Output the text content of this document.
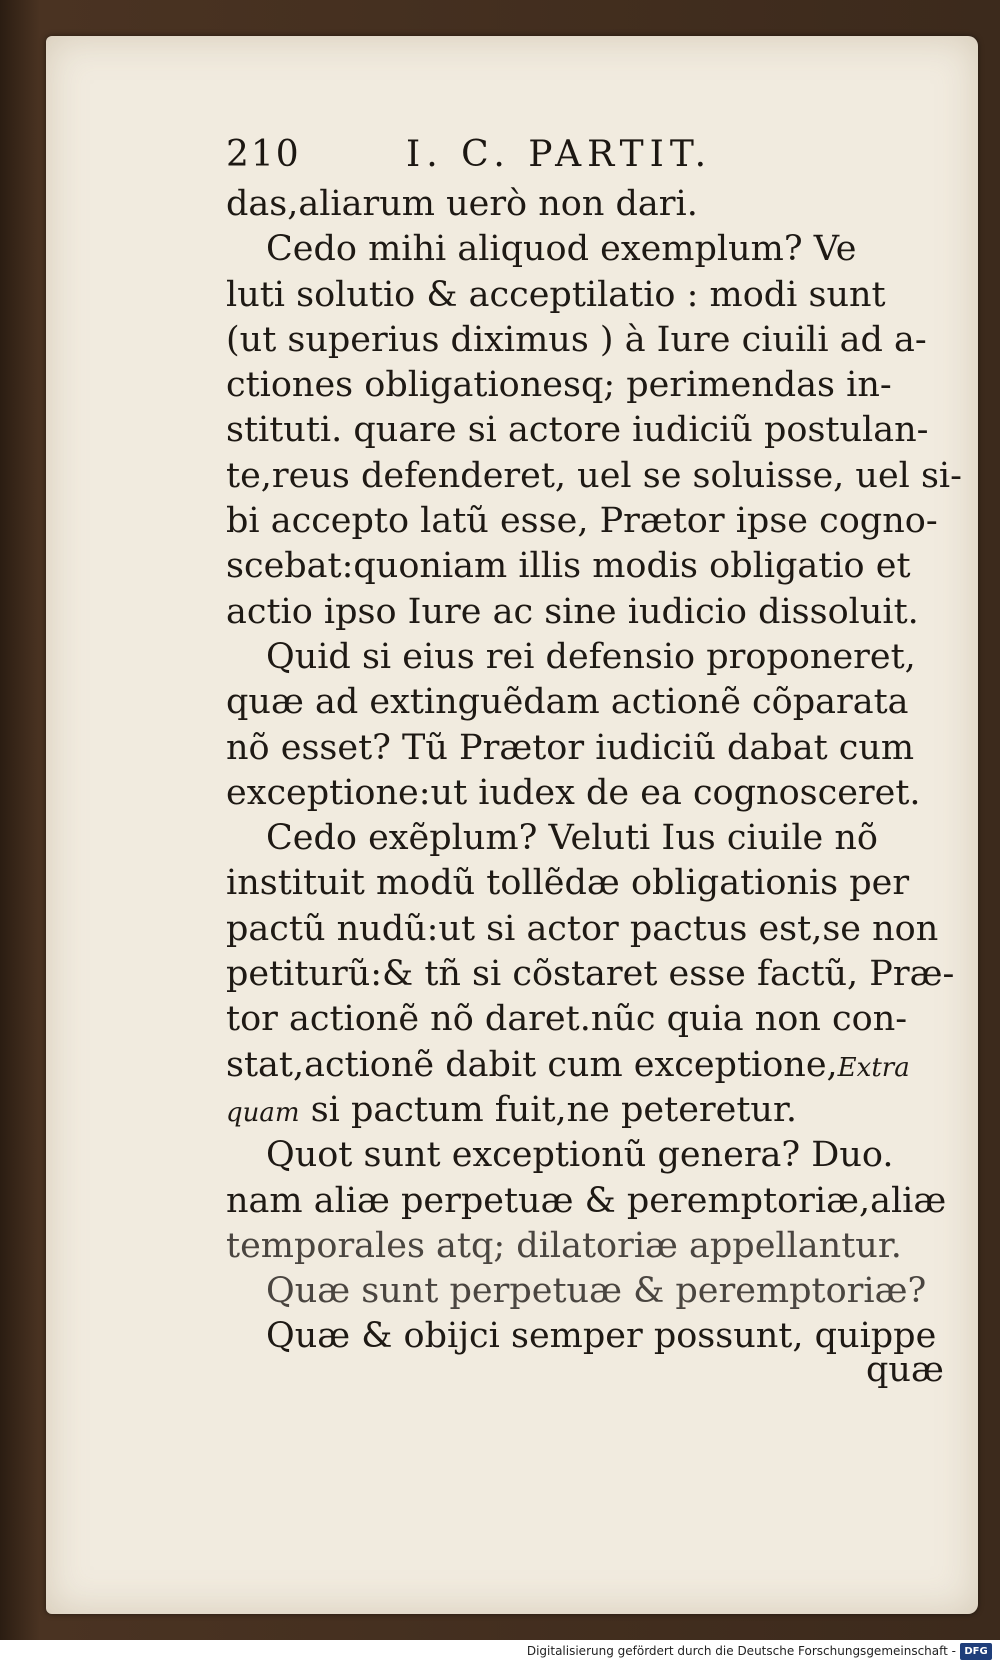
210	I. C. PARTIT.
das,aliarum uerò non dari.
Cedo mihi aliquod exemplum? Ve
luti solutio & acceptilatio : modi sunt
(ut superius diximus ) à Iure ciuili ad a-
ctiones obligationesq; perimendas in-
stituti. quare si actore iudiciũ postulan-
te,reus defenderet, uel se soluisse, uel si-
bi accepto latũ esse, Prætor ipse cogno-
scebat:quoniam illis modis obligatio et
actio ipso Iure ac sine iudicio dissoluit.
Quid si eius rei defensio proponeret,
quæ ad extinguẽdam actionẽ cõparata
nõ esset? Tũ Prætor iudiciũ dabat cum
exceptione:ut iudex de ea cognosceret.
Cedo exẽplum? Veluti Ius ciuile nõ
instituit modũ tollẽdæ obligationis per
pactũ nudũ:ut si actor pactus est,se non
petiturũ:& tñ si cõstaret esse factũ, Præ-
tor actionẽ nõ daret.nũc quia non con-
stat,actionẽ dabit cum exceptione,Extra
quam si pactum fuit,ne peteretur.
Quot sunt exceptionũ genera? Duo.
nam aliæ perpetuæ & peremptoriæ,aliæ
temporales atq; dilatoriæ appellantur.
Quæ sunt perpetuæ & peremptoriæ?
Quæ & obijci semper possunt, quippe
quæ
Digitalisierung gefördert durch die Deutsche Forschungsgemeinschaft - DFG
